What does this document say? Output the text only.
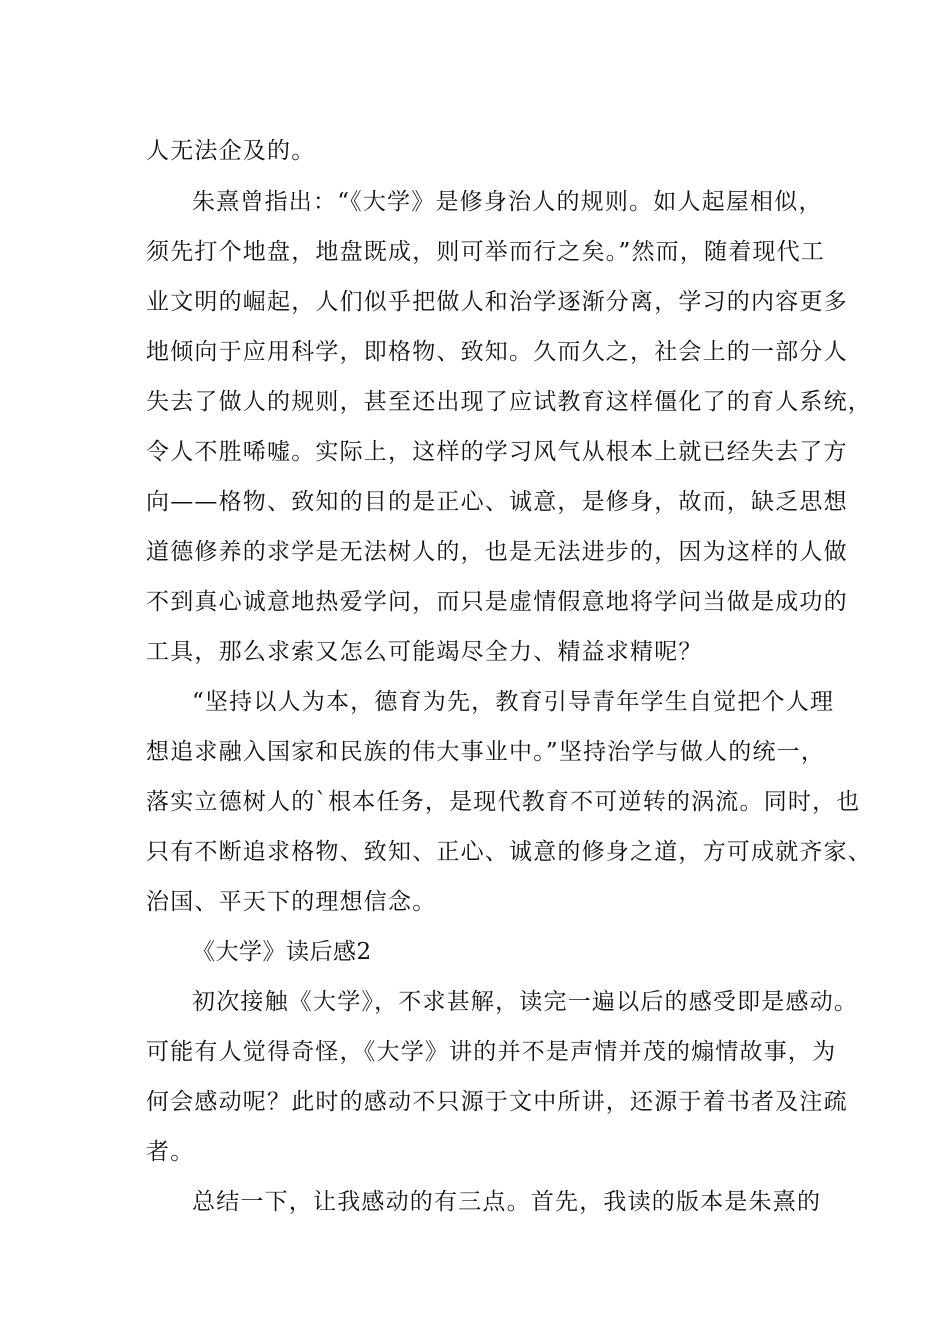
人无法企及的。
朱熹曾指出：“《大学》是修身治人的规则。如人起屋相似，
须先打个地盘，地盘既成，则可举而行之矣。”然而，随着现代工
业文明的崛起，人们似乎把做人和治学逐渐分离，学习的内容更多
地倾向于应用科学，即格物、致知。久而久之，社会上的一部分人
失去了做人的规则，甚至还出现了应试教育这样僵化了的育人系统，
令人不胜唏嘘。实际上，这样的学习风气从根本上就已经失去了方
向——格物、致知的目的是正心、诚意，是修身，故而，缺乏思想
道德修养的求学是无法树人的，也是无法进步的，因为这样的人做
不到真心诚意地热爱学问，而只是虚情假意地将学问当做是成功的
工具，那么求索又怎么可能竭尽全力、精益求精呢？
“坚持以人为本，德育为先，教育引导青年学生自觉把个人理
想追求融入国家和民族的伟大事业中。”坚持治学与做人的统一，
落实立德树人的`根本任务，是现代教育不可逆转的涡流。同时，也
只有不断追求格物、致知、正心、诚意的修身之道，方可成就齐家、
治国、平天下的理想信念。
《大学》读后感2
初次接触《大学》，不求甚解，读完一遍以后的感受即是感动。
可能有人觉得奇怪，《大学》讲的并不是声情并茂的煽情故事，为
何会感动呢？此时的感动不只源于文中所讲，还源于着书者及注疏
者。
总结一下，让我感动的有三点。首先，我读的版本是朱熹的
